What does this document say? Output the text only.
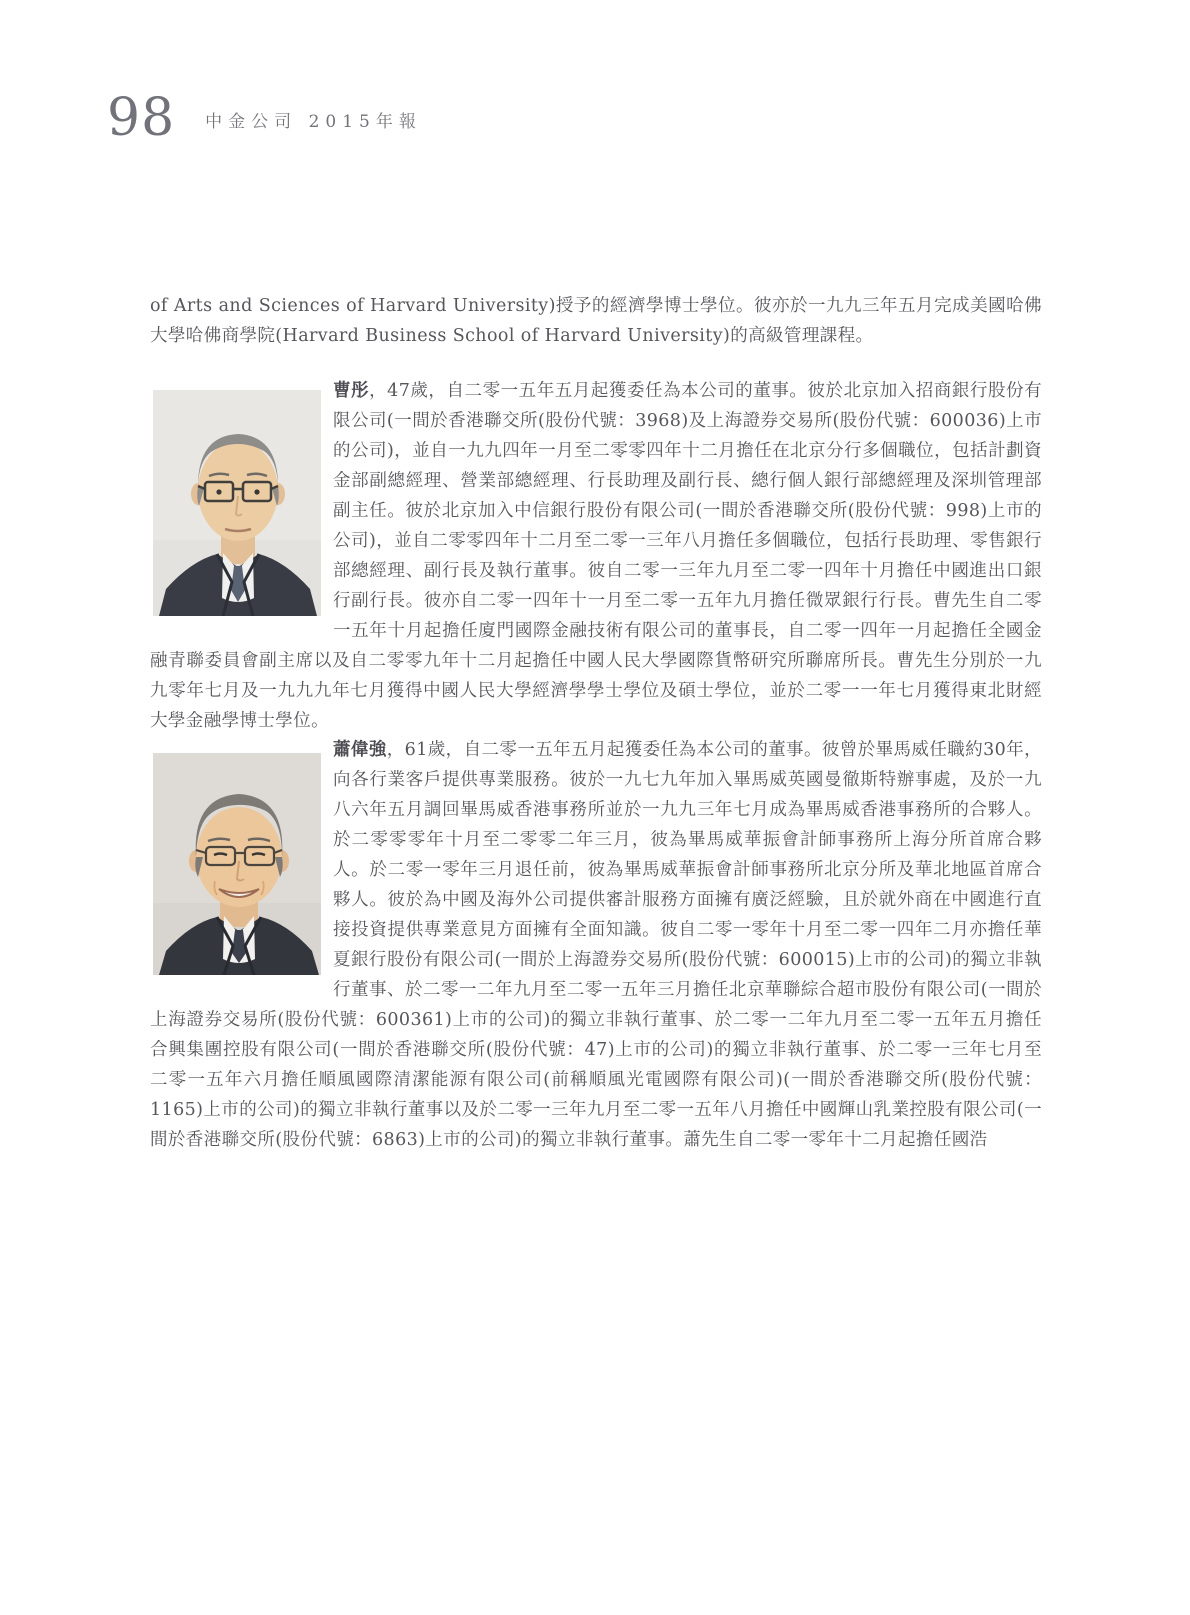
98 中金公司 2015年報

of Arts and Sciences of Harvard University)授予的經濟學博士學位。彼亦於一九九三年五月完成美國哈佛大學哈佛商學院(Harvard Business School of Harvard University)的高級管理課程。

曹彤，47歲，自二零一五年五月起獲委任為本公司的董事。彼於北京加入招商銀行股份有限公司(一間於香港聯交所(股份代號：3968)及上海證券交易所(股份代號：600036)上市的公司)，並自一九九四年一月至二零零四年十二月擔任在北京分行多個職位，包括計劃資金部副總經理、營業部總經理、行長助理及副行長、總行個人銀行部總經理及深圳管理部副主任。彼於北京加入中信銀行股份有限公司(一間於香港聯交所(股份代號：998)上市的公司)，並自二零零四年十二月至二零一三年八月擔任多個職位，包括行長助理、零售銀行部總經理、副行長及執行董事。彼自二零一三年九月至二零一四年十月擔任中國進出口銀行副行長。彼亦自二零一四年十一月至二零一五年九月擔任微眾銀行行長。曹先生自二零一五年十月起擔任廈門國際金融技術有限公司的董事長，自二零一四年一月起擔任全國金融青聯委員會副主席以及自二零零九年十二月起擔任中國人民大學國際貨幣研究所聯席所長。曹先生分別於一九九零年七月及一九九九年七月獲得中國人民大學經濟學學士學位及碩士學位，並於二零一一年七月獲得東北財經大學金融學博士學位。

蕭偉強，61歲，自二零一五年五月起獲委任為本公司的董事。彼曾於畢馬威任職約30年，向各行業客戶提供專業服務。彼於一九七九年加入畢馬威英國曼徹斯特辦事處，及於一九八六年五月調回畢馬威香港事務所並於一九九三年七月成為畢馬威香港事務所的合夥人。於二零零零年十月至二零零二年三月，彼為畢馬威華振會計師事務所上海分所首席合夥人。於二零一零年三月退任前，彼為畢馬威華振會計師事務所北京分所及華北地區首席合夥人。彼於為中國及海外公司提供審計服務方面擁有廣泛經驗，且於就外商在中國進行直接投資提供專業意見方面擁有全面知識。彼自二零一零年十月至二零一四年二月亦擔任華夏銀行股份有限公司(一間於上海證券交易所(股份代號：600015)上市的公司)的獨立非執行董事、於二零一二年九月至二零一五年三月擔任北京華聯綜合超市股份有限公司(一間於上海證券交易所(股份代號：600361)上市的公司)的獨立非執行董事、於二零一二年九月至二零一五年五月擔任合興集團控股有限公司(一間於香港聯交所(股份代號：47)上市的公司)的獨立非執行董事、於二零一三年七月至二零一五年六月擔任順風國際清潔能源有限公司(前稱順風光電國際有限公司)(一間於香港聯交所(股份代號：1165)上市的公司)的獨立非執行董事以及於二零一三年九月至二零一五年八月擔任中國輝山乳業控股有限公司(一間於香港聯交所(股份代號：6863)上市的公司)的獨立非執行董事。蕭先生自二零一零年十二月起擔任國浩
